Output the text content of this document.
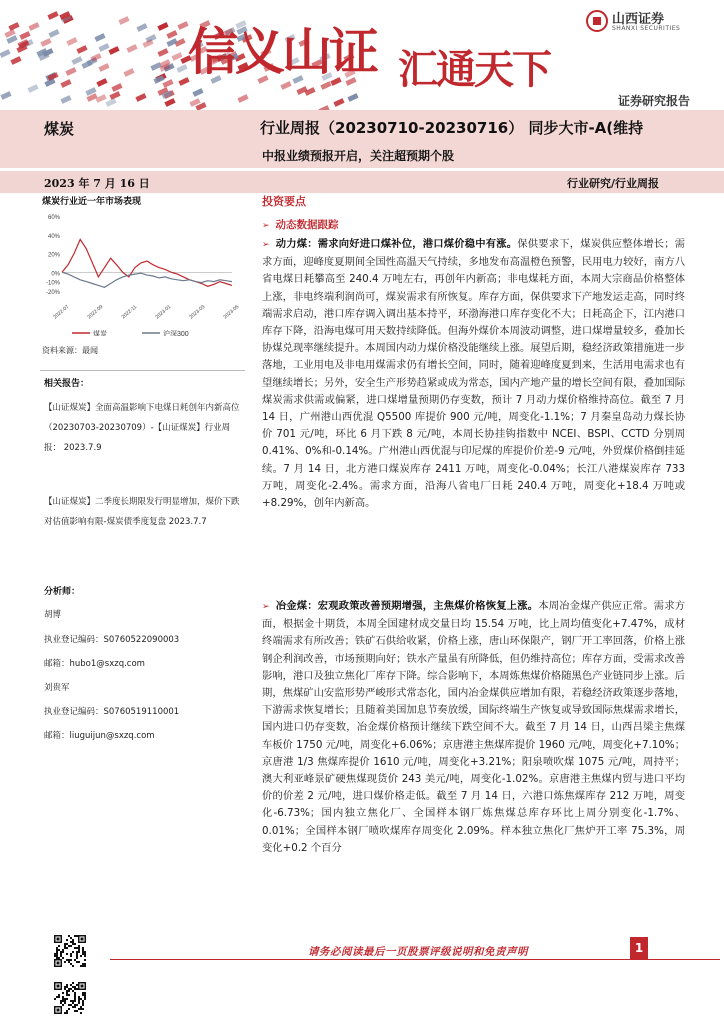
信义山证 汇通天下
山西证券
SHANXI SECURITIES
证券研究报告
煤炭	行业周报（20230710-20230716） 同步大市-A(维持
中报业绩预报开启，关注超预期个股
2023 年 7 月 16 日	行业研究/行业周报
煤炭行业近一年市场表现
60%
40%
20%
0%
-10%
-20%
2022-07	2022-09	2022-11	2023-01	2023-03	2023-05
煤炭	沪深300
资料来源：最闻
相关报告：
【山证煤炭】全面高温影响下电煤日耗创年内新高位（20230703-20230709）-【山证煤炭】行业周报： 2023.7.9
【山证煤炭】二季度长期限发行明显增加，煤价下跌对估值影响有限-煤炭债季度复盘 2023.7.7
分析师：
胡博
执业登记编码：S0760522090003
邮箱：hubo1@sxzq.com
刘贵军
执业登记编码：S0760519110001
邮箱：liuguijun@sxzq.com
投资要点
➢ 动态数据跟踪
➢ 动力煤：需求向好进口煤补位，港口煤价稳中有涨。保供要求下，煤炭供应整体增长；需求方面，迎峰度夏期间全国性高温天气持续，多地发布高温橙色预警，民用电力较好，南方八省电煤日耗攀高至 240.4 万吨左右，再创年内新高；非电煤耗方面，本周大宗商品价格整体上涨，非电终端利润尚可，煤炭需求有所恢复。库存方面，保供要求下产地发运走高，同时终端需求启动，港口库存调入调出基本持平，环渤海港口库存变化不大；日耗高企下，江内港口库存下降，沿海电煤可用天数持续降低。但海外煤价本周波动调整，进口煤增量较多，叠加长协煤兑现率继续提升。本周国内动力煤价格没能继续上涨。展望后期，稳经济政策措施进一步落地，工业用电及非电用煤需求仍有增长空间，同时，随着迎峰度夏到来，生活用电需求也有望继续增长；另外，安全生产形势趋紧或成为常态，国内产地产量的增长空间有限，叠加国际煤炭需求供需或偏紧，进口煤增量预期仍存变数，预计 7 月动力煤价格维持高位。截至 7 月 14 日，广州港山西优混 Q5500 库提价 900 元/吨，周变化-1.1%；7 月秦皇岛动力煤长协价 701 元/吨，环比 6 月下跌 8 元/吨，本周长协挂钩指数中 NCEI、BSPI、CCTD 分别周 0.41%、0%和-0.14%。广州港山西优混与印尼煤的库提价价差-9 元/吨，外贸煤价格倒挂延续。7 月 14 日，北方港口煤炭库存 2411 万吨，周变化-0.04%；长江八港煤炭库存 733 万吨，周变化-2.4%。需求方面，沿海八省电厂日耗 240.4 万吨，周变化+18.4 万吨或+8.29%，创年内新高。
➢ 冶金煤：宏观政策改善预期增强，主焦煤价格恢复上涨。本周冶金煤产供应正常。需求方面，根据金十期货，本周全国建材成交量日均 15.54 万吨，比上周均值变化+7.47%，成材终端需求有所改善；铁矿石供给收紧，价格上涨，唐山环保限产，钢厂开工率回落，价格上涨钢企利润改善，市场预期向好；铁水产量虽有所降低，但仍维持高位；库存方面，受需求改善影响，港口及独立焦化厂库存下降。综合影响下，本周炼焦煤价格随黑色产业链同步上涨。后期，焦煤矿山安监形势严峻形式常态化，国内冶金煤供应增加有限，若稳经济政策逐步落地，下游需求恢复增长；且随着美国加息节奏放缓，国际终端生产恢复或导致国际焦煤需求增长，国内进口仍存变数，冶金煤价格预计继续下跌空间不大。截至 7 月 14 日，山西吕梁主焦煤车板价 1750 元/吨，周变化+6.06%；京唐港主焦煤库提价 1960 元/吨，周变化+7.10%；京唐港 1/3 焦煤库提价 1610 元/吨，周变化+3.21%；阳泉喷吹煤 1075 元/吨，周持平；澳大利亚峰景矿硬焦煤现货价 243 美元/吨，周变化-1.02%。京唐港主焦煤内贸与进口平均价的价差 2 元/吨，进口煤价格走低。截至 7 月 14 日，六港口炼焦煤库存 212 万吨，周变化-6.73%；国内独立焦化厂、全国样本钢厂炼焦煤总库存环比上周分别变化-1.7%、0.01%；全国样本钢厂喷吹煤库存周变化 2.09%。样本独立焦化厂焦炉开工率 75.3%，周变化+0.2 个百分
请务必阅读最后一页股票评级说明和免责声明	1
